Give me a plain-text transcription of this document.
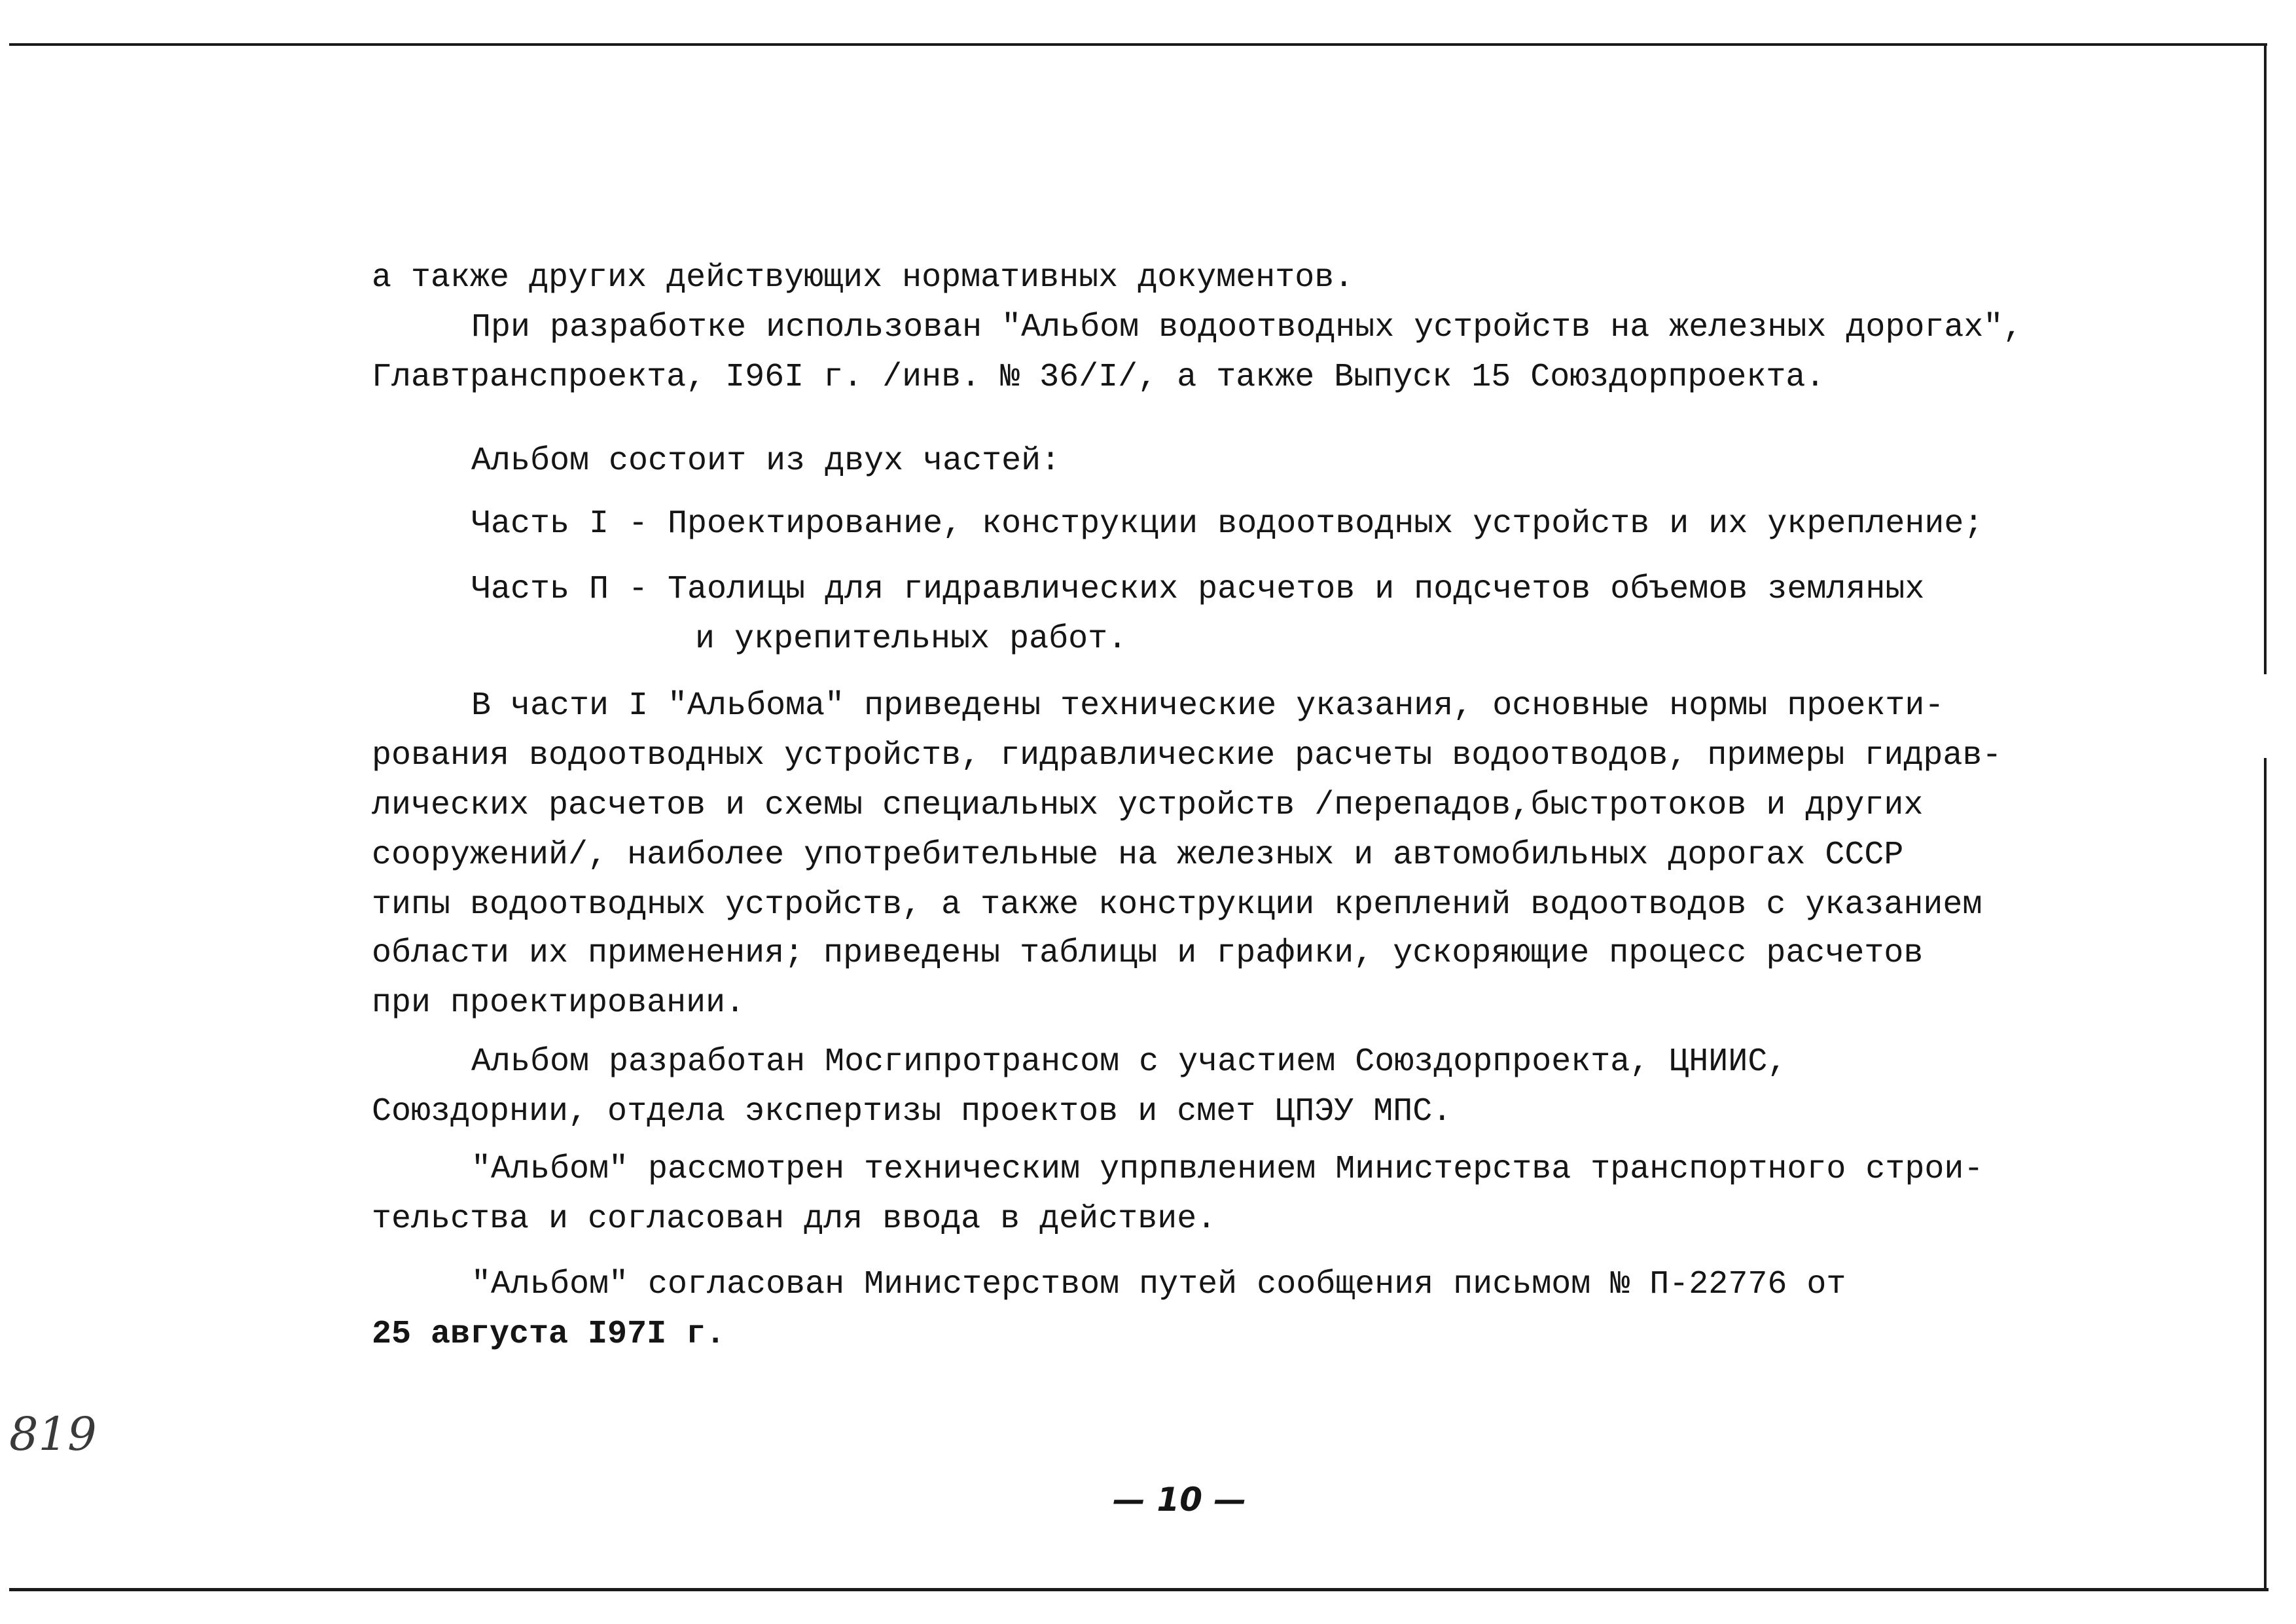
а также других действующих нормативных документов.
При разработке использован "Альбом водоотводных устройств на железных дорогах",
Главтранспроекта, I96I г. /инв. № 36/I/, а также Выпуск 15 Союздорпроекта.
Альбом состоит из двух частей:
Часть I - Проектирование, конструкции водоотводных устройств и их укрепление;
Часть П - Таолицы для гидравлических расчетов и подсчетов объемов земляных
и укрепительных работ.
В части I "Альбома" приведены технические указания, основные нормы проекти-
рования водоотводных устройств, гидравлические расчеты водоотводов, примеры гидрав-
лических расчетов и схемы специальных устройств /перепадов,быстротоков и других
сооружений/, наиболее употребительные на железных и автомобильных дорогах СССР
типы водоотводных устройств, а также конструкции креплений водоотводов с указанием
области их применения; приведены таблицы и графики, ускоряющие процесс расчетов
при проектировании.
Альбом разработан Мосгипротрансом с участием Союздорпроекта, ЦНИИС,
Союздорнии, отдела экспертизы проектов и смет ЦПЭУ МПС.
"Альбом" рассмотрен техническим упрпвлением Министерства транспортного строи-
тельства и согласован для ввода в действие.
"Альбом" согласован Министерством путей сообщения письмом № П-22776 от
25 августа I97I г.
819
— 10 —
